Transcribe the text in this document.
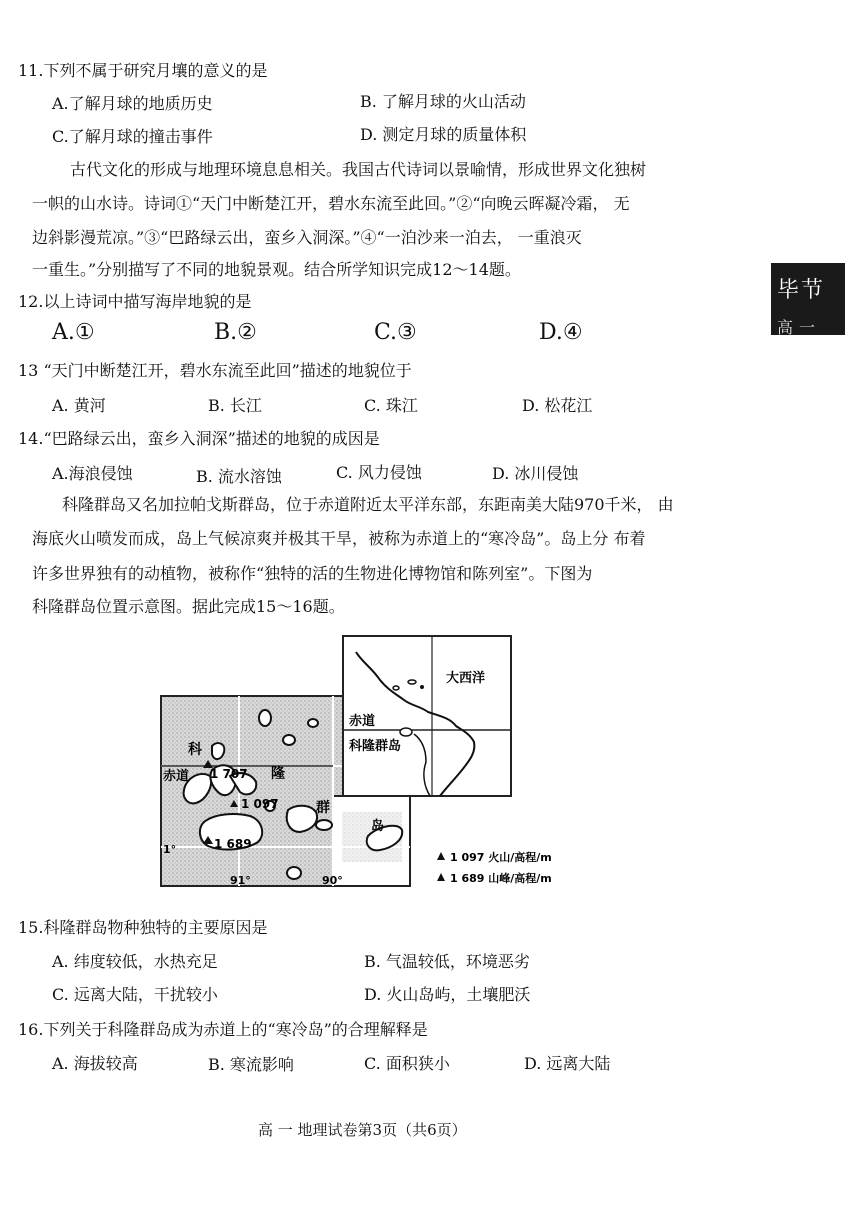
毕节
高一
11.下列不属于研究月壤的意义的是
A.了解月球的地质历史	B. 了解月球的火山活动
C.了解月球的撞击事件	D. 测定月球的质量体积
古代文化的形成与地理环境息息相关。我国古代诗词以景喻情，形成世界文化独树
一帜的山水诗。诗词①“天门中断楚江开，碧水东流至此回。”②“向晚云晖凝冷霜， 无
边斜影漫荒凉。”③“巴路绿云出，蛮乡入洞深。”④“一泊沙来一泊去， 一重浪灭
一重生。”分别描写了不同的地貌景观。结合所学知识完成12～14题。
12.以上诗词中描写海岸地貌的是
A.①	B.②	C.③	D.④
13 “天门中断楚江开，碧水东流至此回”描述的地貌位于
A. 黄河	B. 长江	C. 珠江	D. 松花江
14.“巴路绿云出，蛮乡入洞深”描述的地貌的成因是
A.海浪侵蚀	B. 流水溶蚀	C. 风力侵蚀	D. 冰川侵蚀
科隆群岛又名加拉帕戈斯群岛，位于赤道附近太平洋东部，东距南美大陆970千米， 由
海底火山喷发而成，岛上气候凉爽并极其干旱，被称为赤道上的“寒冷岛”。岛上分 布着
许多世界独有的动植物，被称作“独特的活的生物进化博物馆和陈列室”。下图为
科隆群岛位置示意图。据此完成15～16题。
科
赤道 1 707 隆
1 097	群
岛
1 689
1°
91°	90°
大西洋
赤道
科隆群岛
1 097 火山/高程/m
1 689 山峰/高程/m
15.科隆群岛物种独特的主要原因是
A. 纬度较低，水热充足	B. 气温较低，环境恶劣
C. 远离大陆，干扰较小	D. 火山岛屿，土壤肥沃
16.下列关于科隆群岛成为赤道上的“寒冷岛”的合理解释是
A. 海拔较高	B. 寒流影响	C. 面积狭小	D. 远离大陆
高 一 地理试卷第3页（共6页）
